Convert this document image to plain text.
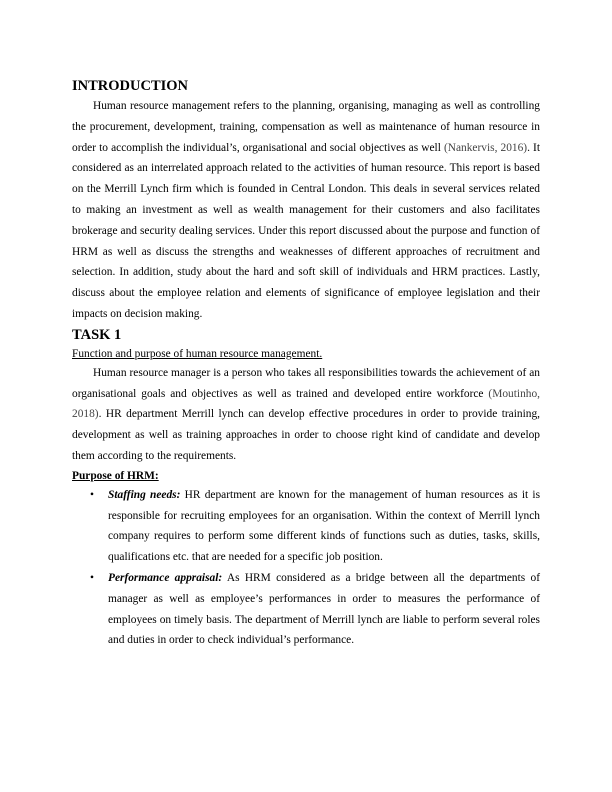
INTRODUCTION

Human resource management refers to the planning, organising, managing as well as controlling the procurement, development, training, compensation as well as maintenance of human resource in order to accomplish the individual’s, organisational and social objectives as well (Nankervis, 2016). It considered as an interrelated approach related to the activities of human resource. This report is based on the Merrill Lynch firm which is founded in Central London. This deals in several services related to making an investment as well as wealth management for their customers and also facilitates brokerage and security dealing services. Under this report discussed about the purpose and function of HRM as well as discuss the strengths and weaknesses of different approaches of recruitment and selection. In addition, study about the hard and soft skill of individuals and HRM practices. Lastly, discuss about the employee relation and elements of significance of employee legislation and their impacts on decision making.

TASK 1

Function and purpose of human resource management.

Human resource manager is a person who takes all responsibilities towards the achievement of an organisational goals and objectives as well as trained and developed entire workforce (Moutinho, 2018). HR department Merrill lynch can develop effective procedures in order to provide training, development as well as training approaches in order to choose right kind of candidate and develop them according to the requirements.

Purpose of HRM:

• Staffing needs: HR department are known for the management of human resources as it is responsible for recruiting employees for an organisation. Within the context of Merrill lynch company requires to perform some different kinds of functions such as duties, tasks, skills, qualifications etc. that are needed for a specific job position.

• Performance appraisal: As HRM considered as a bridge between all the departments of manager as well as employee’s performances in order to measures the performance of employees on timely basis. The department of Merrill lynch are liable to perform several roles and duties in order to check individual’s performance.
